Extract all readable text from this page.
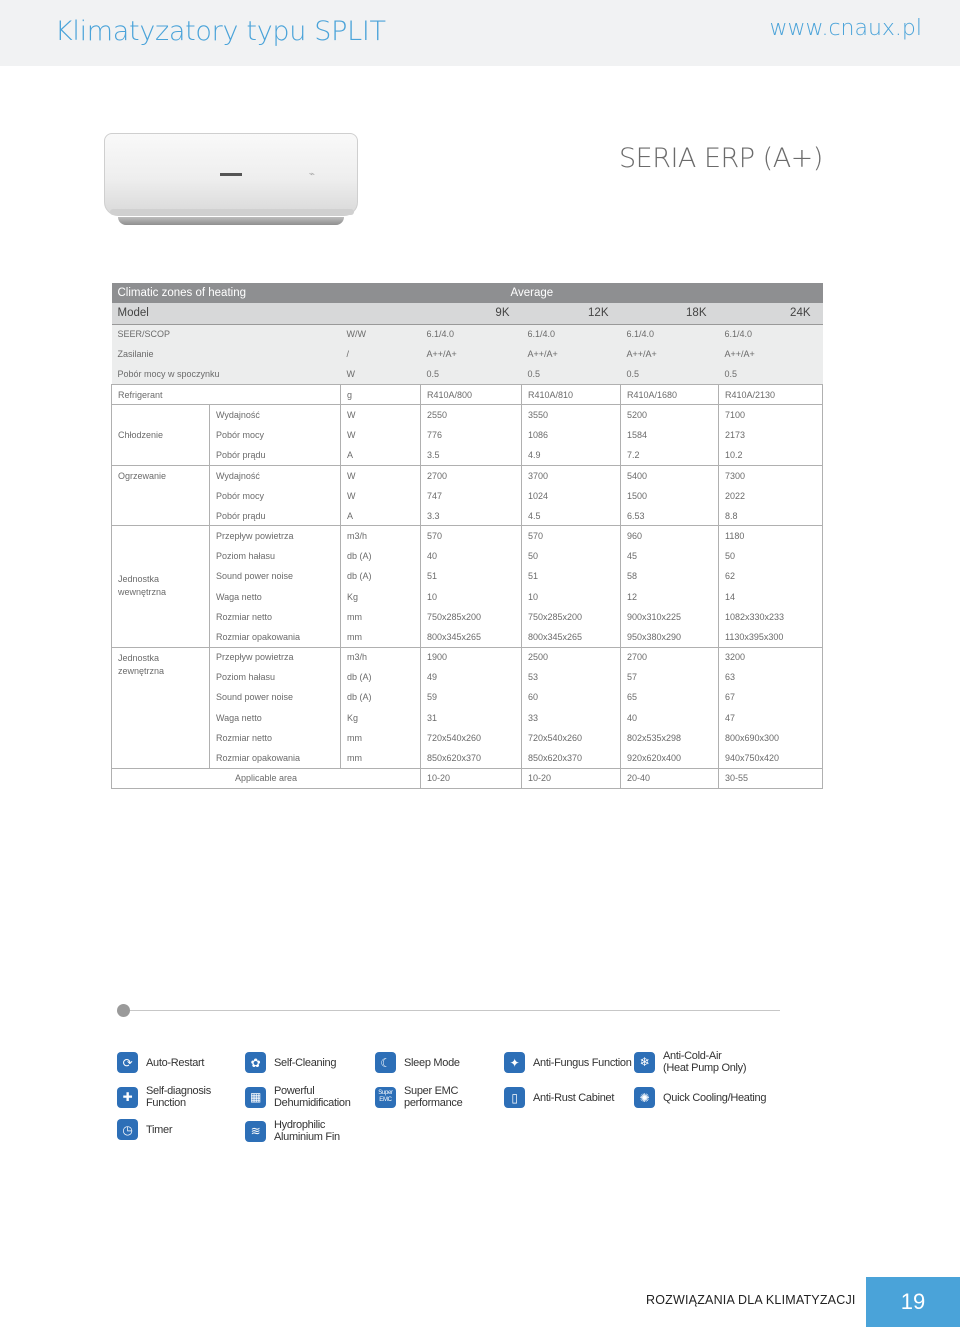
Klimatyzatory typu SPLIT	www.cnaux.pl
⌁
SERIA ERP (A+)
Climatic zones of heating			Average			
Model			9K	12K	18K	24K
SEER/SCOP		W/W	6.1/4.0	6.1/4.0	6.1/4.0	6.1/4.0
Zasilanie		/	A++/A+	A++/A+	A++/A+	A++/A+
Pobór mocy w spoczynku		W	0.5	0.5	0.5	0.5
Refrigerant		g	R410A/800	R410A/810	R410A/1680	R410A/2130
Chłodzenie	Wydajność	W	2550	3550	5200	7100
	Pobór mocy	W	776	1086	1584	2173
	Pobór prądu	A	3.5	4.9	7.2	10.2
Ogrzewanie	Wydajność	W	2700	3700	5400	7300
	Pobór mocy	W	747	1024	1500	2022
	Pobór prądu	A	3.3	4.5	6.53	8.8
Jednostka wewnętrzna	Przepływ powietrza	m3/h	570	570	960	1180
	Poziom hałasu	db (A)	40	50	45	50
	Sound power noise	db (A)	51	51	58	62
	Waga netto	Kg	10	10	12	14
	Rozmiar netto	mm	750x285x200	750x285x200	900x310x225	1082x330x233
	Rozmiar opakowania	mm	800x345x265	800x345x265	950x380x290	1130x395x300
Jednostka zewnętrzna	Przepływ powietrza	m3/h	1900	2500	2700	3200
	Poziom hałasu	db (A)	49	53	57	63
	Sound power noise	db (A)	59	60	65	67
	Waga netto	Kg	31	33	40	47
	Rozmiar netto	mm	720x540x260	720x540x260	802x535x298	800x690x300
	Rozmiar opakowania	mm	850x620x370	850x620x370	920x620x400	940x750x420
Applicable area			10-20	10-20	20-40	30-55
⟳	Auto-Restart	✿	Self-Cleaning	☾	Sleep Mode	✦	Anti-Fungus Function ❄	Anti-Cold-Air
(Heat Pump Only)
✚	Self-diagnosis
Function	▦	Powerful
Dehumidification
Super EMC
Super EMC
performance	▯	Anti-Rust Cabinet	✺	Quick Cooling/Heating
◷	Timer	≋	Hydrophilic
Aluminium Fin
ROZWIĄZANIA DLA KLIMATYZACJI	19
